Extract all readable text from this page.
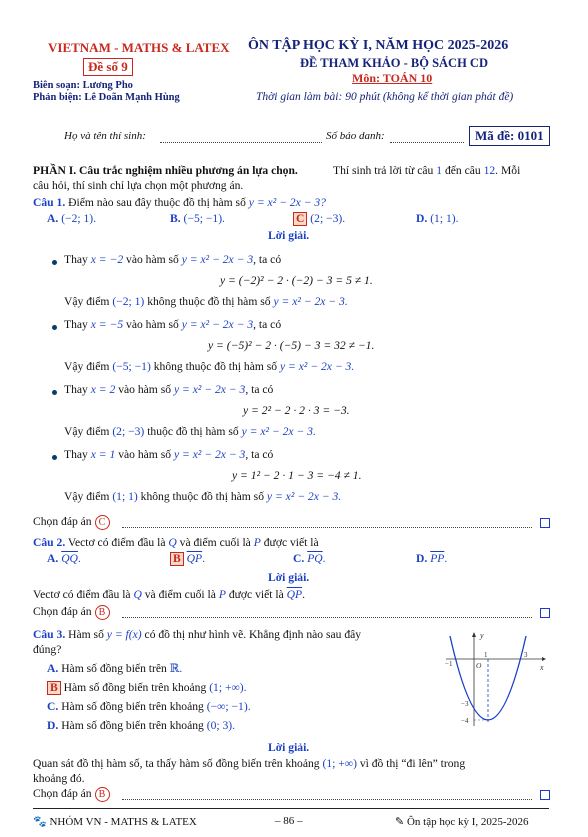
VIETNAM - MATHS & LATEX
Đề số 9
Biên soạn: Lương Pho
Phản biện: Lê Doãn Mạnh Hùng
ÔN TẬP HỌC KỲ I, NĂM HỌC 2025-2026
ĐỀ THAM KHẢO - BỘ SÁCH CD
Môn: TOÁN 10
Thời gian làm bài: 90 phút (không kể thời gian phát đề)
Họ và tên thí sinh:	Số báo danh:	Mã đề: 0101
PHẦN I. Câu trắc nghiệm nhiều phương án lựa chọn.	Thí sinh trả lời từ câu 1 đến câu 12. Mỗi
câu hỏi, thí sinh chỉ lựa chọn một phương án.
Câu 1. Điểm nào sau đây thuộc đồ thị hàm số y = x² − 2x − 3?
A. (−2; 1).	B. (−5; −1).	C (2; −3).	D. (1; 1).
Lời giải.
Thay x = −2 vào hàm số y = x² − 2x − 3, ta có
y = (−2)² − 2 · (−2) − 3 = 5 ≠ 1.
Vậy điểm (−2; 1) không thuộc đồ thị hàm số y = x² − 2x − 3.
Thay x = −5 vào hàm số y = x² − 2x − 3, ta có
y = (−5)² − 2 · (−5) − 3 = 32 ≠ −1.
Vậy điểm (−5; −1) không thuộc đồ thị hàm số y = x² − 2x − 3.
Thay x = 2 vào hàm số y = x² − 2x − 3, ta có
y = 2² − 2 · 2 · 3 = −3.
Vậy điểm (2; −3) thuộc đồ thị hàm số y = x² − 2x − 3.
Thay x = 1 vào hàm số y = x² − 2x − 3, ta có
y = 1² − 2 · 1 − 3 = −4 ≠ 1.
Vậy điểm (1; 1) không thuộc đồ thị hàm số y = x² − 2x − 3.
Chọn đáp án C
Câu 2. Vectơ có điểm đầu là Q và điểm cuối là P được viết là
A. $\overline{QQ}$.	B $\overline{QP}$.	C. $\overline{PQ}$.	D. $\overline{PP}$.
Lời giải.
Vectơ có điểm đầu là Q và điểm cuối là P được viết là $\overline{QP}$.
Chọn đáp án B
Câu 3. Hàm số y = f(x) có đồ thị như hình vẽ. Khẳng định nào sau đây
đúng?
A. Hàm số đồng biến trên ℝ.
B Hàm số đồng biến trên khoảng (1; +∞).
C. Hàm số đồng biến trên khoảng (−∞; −1).
D. Hàm số đồng biến trên khoảng (0; 3).
y
x
O
−1
1	3
−3
−4
Lời giải.
Quan sát đồ thị hàm số, ta thấy hàm số đồng biến trên khoảng (1; +∞) vì đồ thị “đi lên” trong
khoảng đó.
Chọn đáp án B
🐾 NHÓM VN - MATHS & LATEX	– 86 –	✎ Ôn tập học kỳ I, 2025-2026
